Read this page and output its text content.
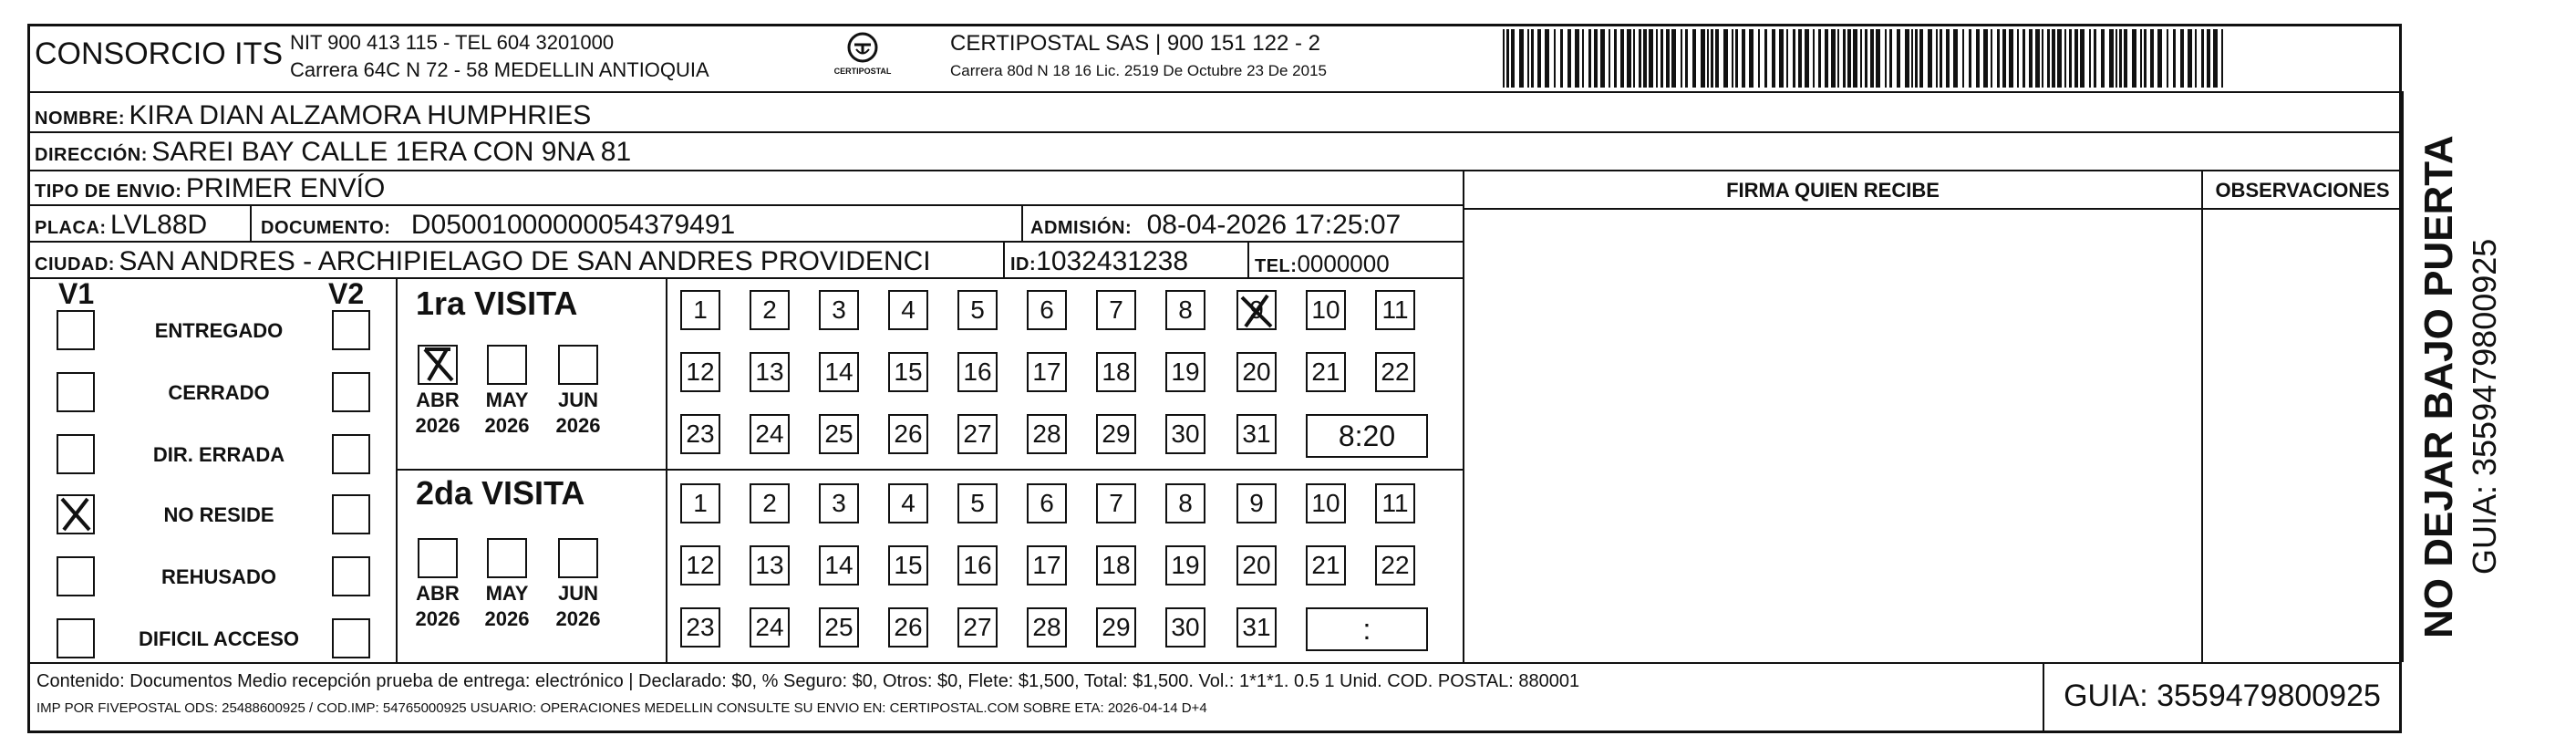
CONSORCIO ITS NIT 900 413 115 - TEL 604 3201000
Carrera 64C N 72 - 58 MEDELLIN ANTIOQUIA	CERTIPOSTAL
CERTIPOSTAL SAS | 900 151 122 - 2
Carrera 80d N 18 16 Lic. 2519 De Octubre 23 De 2015
NOMBRE: KIRA DIAN ALZAMORA HUMPHRIES
DIRECCIÓN: SAREI BAY CALLE 1ERA CON 9NA 81
TIPO DE ENVIO: PRIMER ENVÍO
PLACA: LVL88D	DOCUMENTO: D05001000000054379491	ADMISIÓN: 08-04-2026 17:25:07
CIUDAD: SAN ANDRES - ARCHIPIELAGO DE SAN ANDRES PROVIDENCI	ID:1032431238	TEL:0000000
FIRMA QUIEN RECIBE	OBSERVACIONES
V1	V2
ENTREGADO
CERRADO
DIR. ERRADA
NO RESIDE
REHUSADO
DIFICIL ACCESO
1ra VISITA
2da VISITA
ABR
2026
MAY
2026
JUN
2026
1 2 3 4 5 6 7 8 9 10 11
12 13 14 15 16 17 18 19 20 21 22
23 24 25 26 27 28 29 30 31	8:20
ABR
2026
MAY
2026
JUN
2026
1 2 3 4 5 6 7 8 9 10 11
12 13 14 15 16 17 18 19 20 21 22
23 24 25 26 27 28 29 30 31	:
Contenido: Documentos Medio recepción prueba de entrega: electrónico | Declarado: $0, % Seguro: $0, Otros: $0, Flete: $1,500, Total: $1,500. Vol.: 1*1*1. 0.5 1 Unid. COD. POSTAL: 880001
IMP POR FIVEPOSTAL ODS: 25488600925 / COD.IMP: 54765000925 USUARIO: OPERACIONES MEDELLIN CONSULTE SU ENVIO EN: CERTIPOSTAL.COM SOBRE ETA: 2026-04-14 D+4	GUIA: 3559479800925
NO DEJAR BAJO PUERTA GUIA: 3559479800925
